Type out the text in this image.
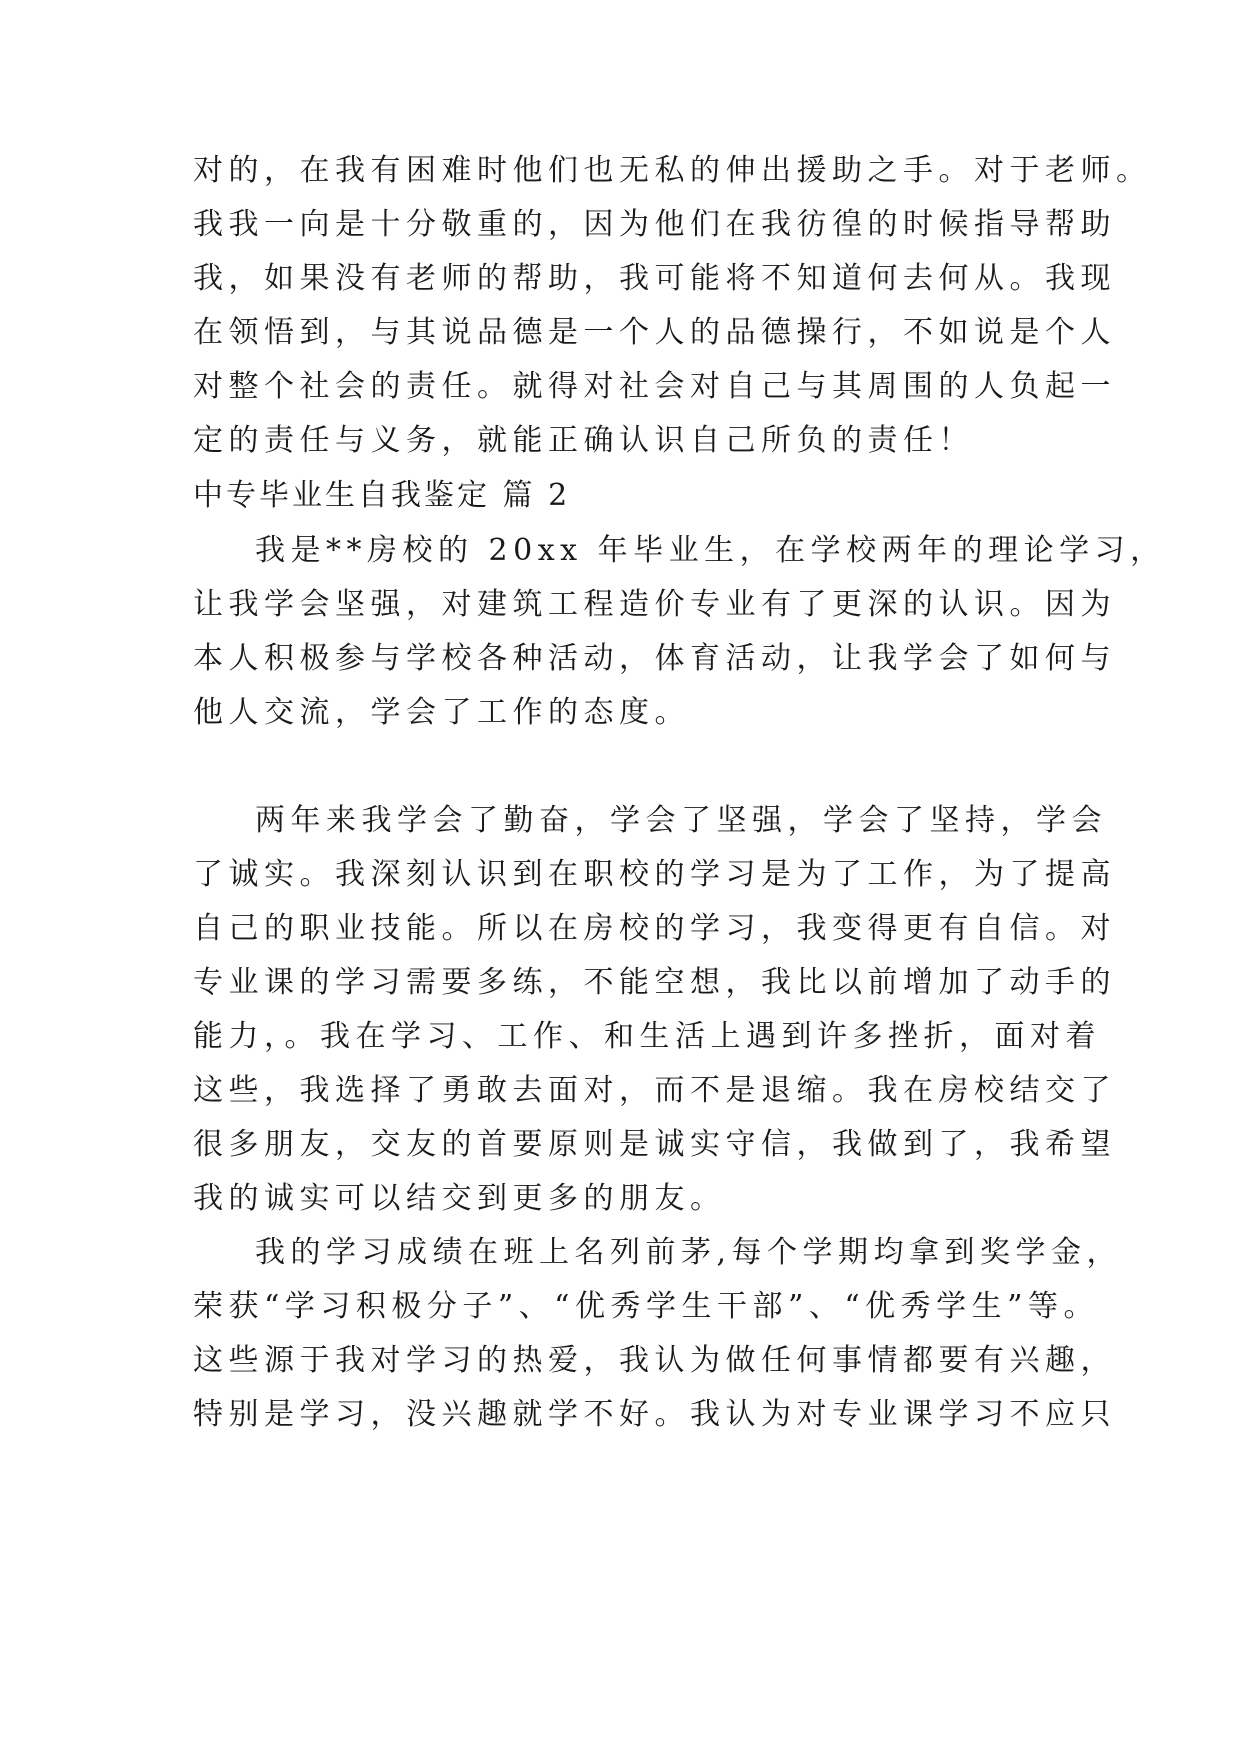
对的，在我有困难时他们也无私的伸出援助之手。对于老师。
我我一向是十分敬重的，因为他们在我彷徨的时候指导帮助
我，如果没有老师的帮助，我可能将不知道何去何从。我现
在领悟到，与其说品德是一个人的品德操行，不如说是个人
对整个社会的责任。就得对社会对自己与其周围的人负起一
定的责任与义务，就能正确认识自己所负的责任！
中专毕业生自我鉴定 篇 2
我是**房校的 20xx 年毕业生，在学校两年的理论学习，
让我学会坚强，对建筑工程造价专业有了更深的认识。因为
本人积极参与学校各种活动，体育活动，让我学会了如何与
他人交流，学会了工作的态度。
两年来我学会了勤奋，学会了坚强，学会了坚持，学会
了诚实。我深刻认识到在职校的学习是为了工作，为了提高
自己的职业技能。所以在房校的学习，我变得更有自信。对
专业课的学习需要多练，不能空想，我比以前增加了动手的
能力，。我在学习、工作、和生活上遇到许多挫折，面对着
这些，我选择了勇敢去面对，而不是退缩。我在房校结交了
很多朋友，交友的首要原则是诚实守信，我做到了，我希望
我的诚实可以结交到更多的朋友。
我的学习成绩在班上名列前茅,每个学期均拿到奖学金，
荣获“学习积极分子”、“优秀学生干部”、“优秀学生”等。
这些源于我对学习的热爱，我认为做任何事情都要有兴趣，
特别是学习，没兴趣就学不好。我认为对专业课学习不应只
